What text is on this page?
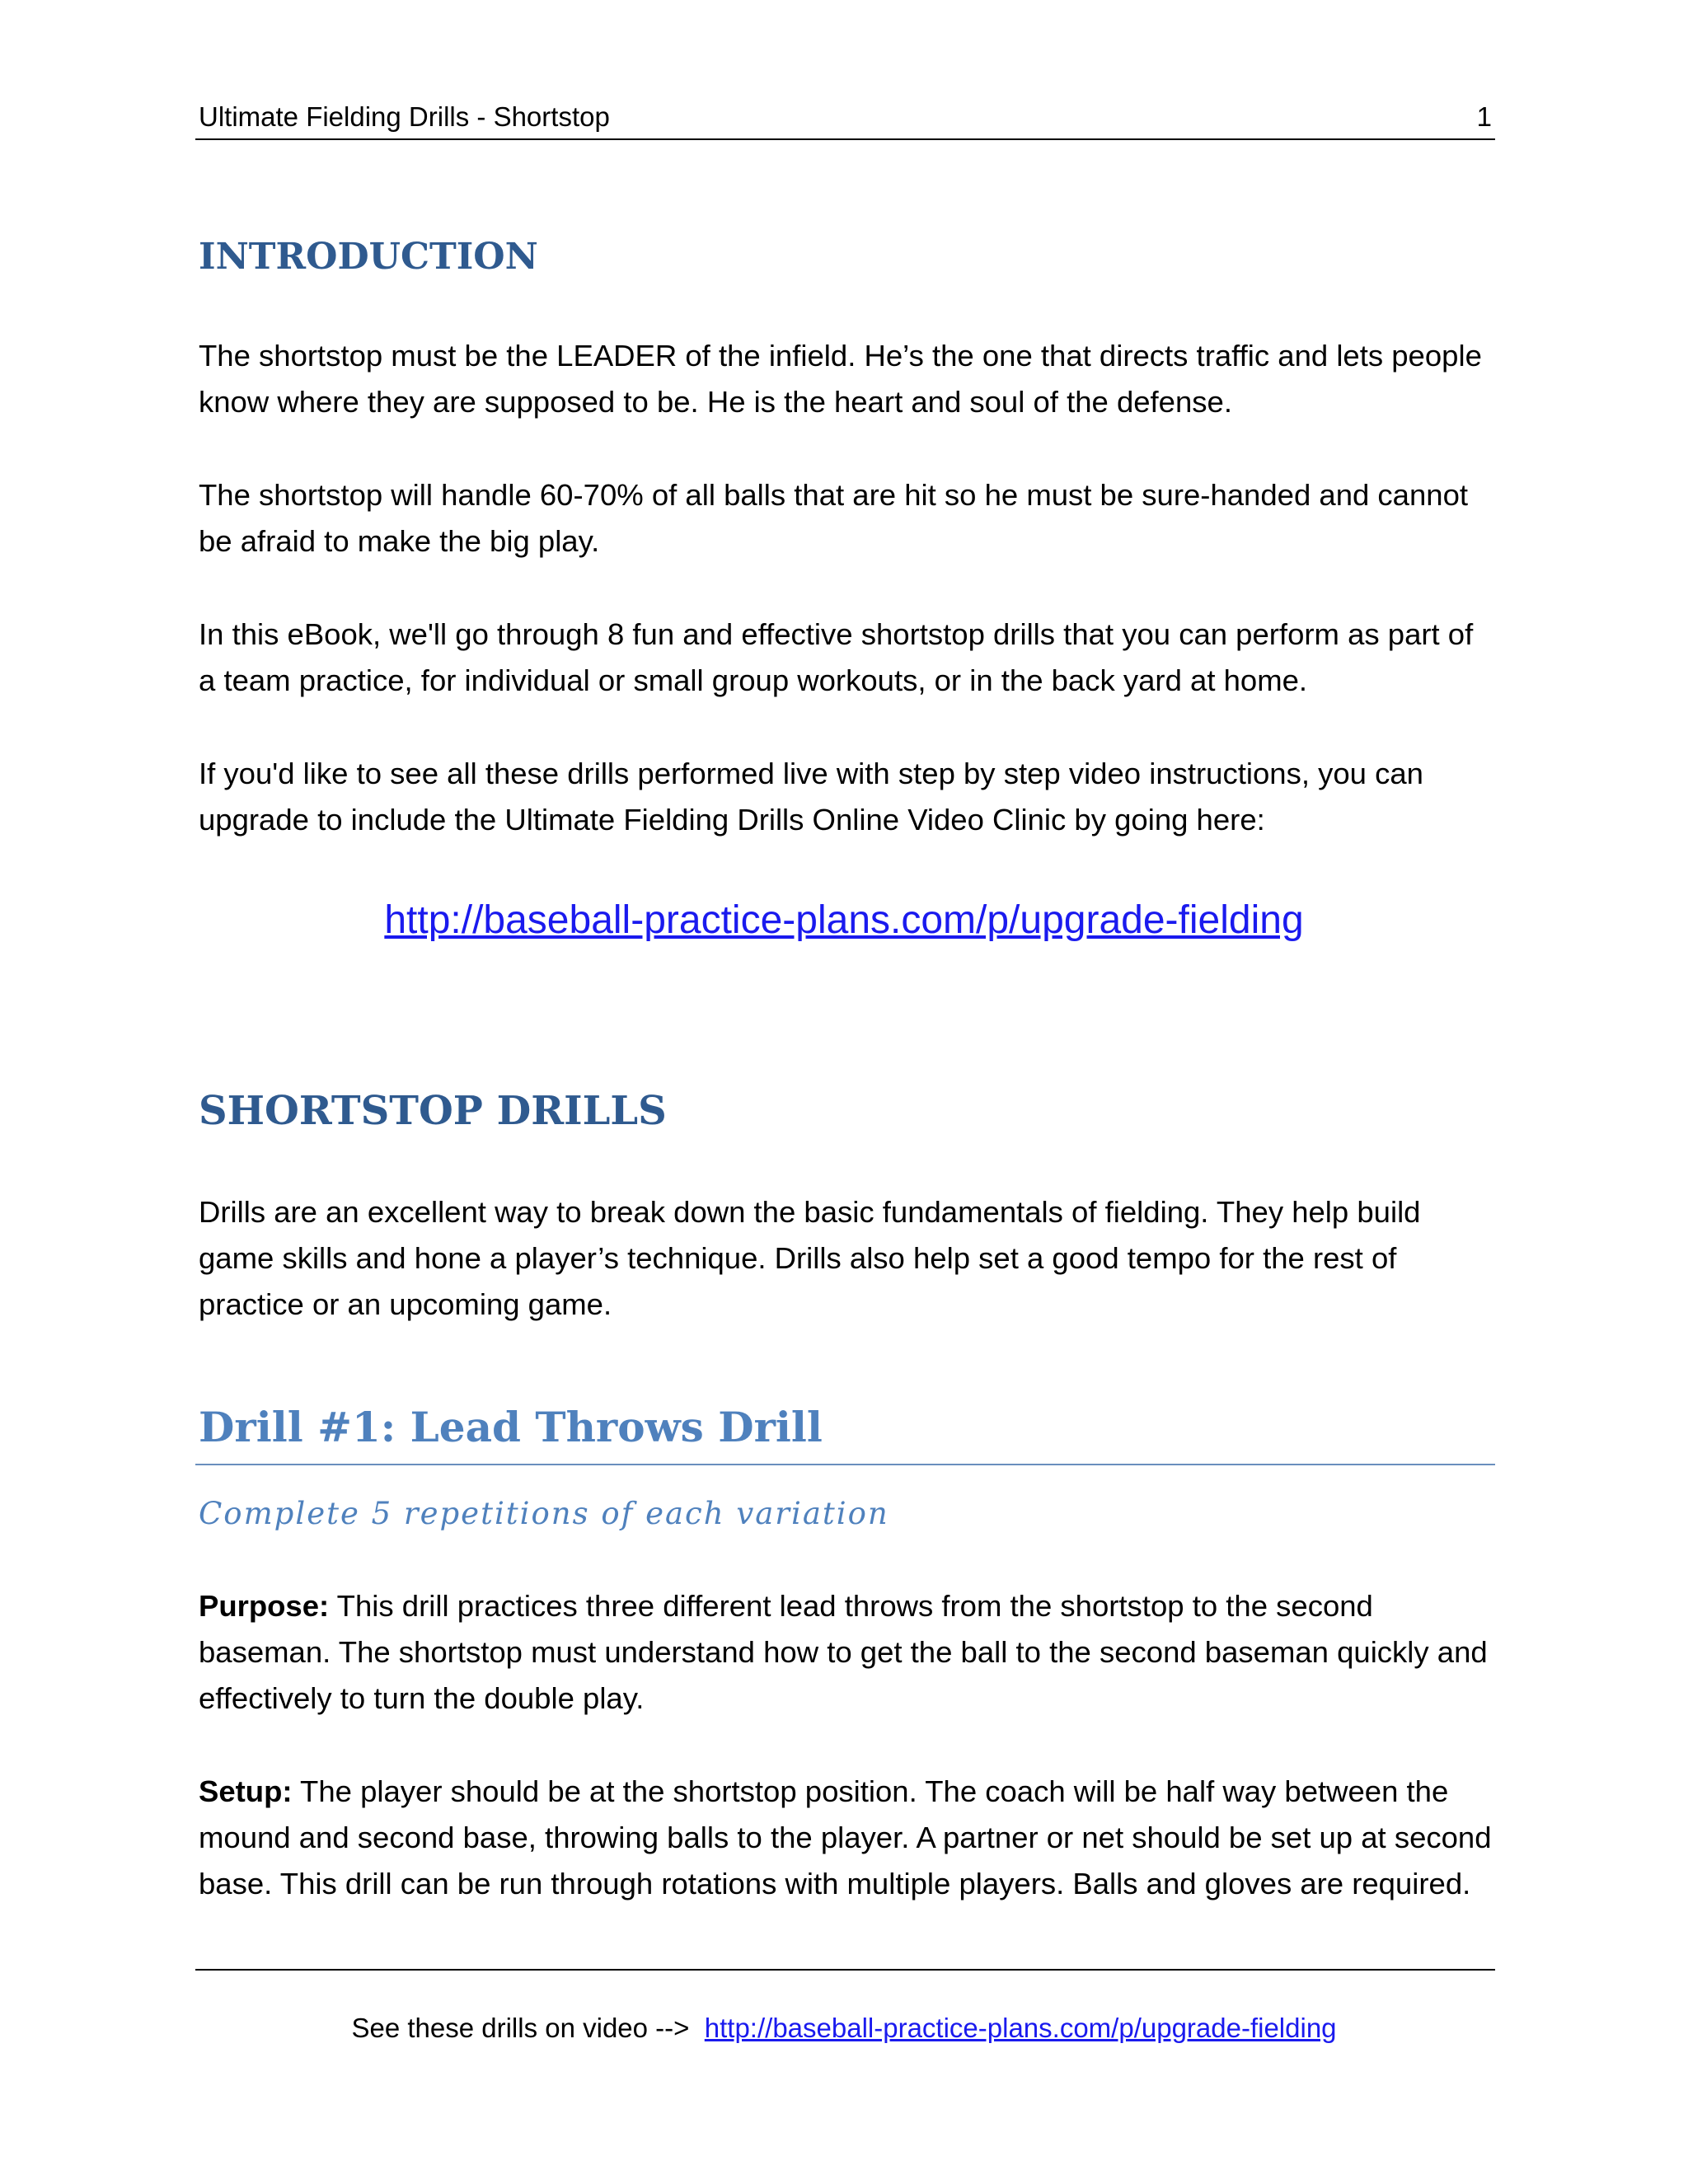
Ultimate Fielding Drills - Shortstop	1
INTRODUCTION

The shortstop must be the LEADER of the infield. He’s the one that directs traffic and lets people know where they are supposed to be. He is the heart and soul of the defense.

The shortstop will handle 60-70% of all balls that are hit so he must be sure-handed and cannot be afraid to make the big play.

In this eBook, we'll go through 8 fun and effective shortstop drills that you can perform as part of a team practice, for individual or small group workouts, or in the back yard at home.

If you'd like to see all these drills performed live with step by step video instructions, you can upgrade to include the Ultimate Fielding Drills Online Video Clinic by going here:

http://baseball-practice-plans.com/p/upgrade-fielding
SHORTSTOP DRILLS

Drills are an excellent way to break down the basic fundamentals of fielding. They help build game skills and hone a player’s technique. Drills also help set a good tempo for the rest of practice or an upcoming game.

Drill #1: Lead Throws Drill
Complete 5 repetitions of each variation

Purpose: This drill practices three different lead throws from the shortstop to the second baseman. The shortstop must understand how to get the ball to the second baseman quickly and effectively to turn the double play.

Setup: The player should be at the shortstop position. The coach will be half way between the mound and second base, throwing balls to the player. A partner or net should be set up at second base. This drill can be run through rotations with multiple players. Balls and gloves are required.

See these drills on video -->  http://baseball-practice-plans.com/p/upgrade-fielding
